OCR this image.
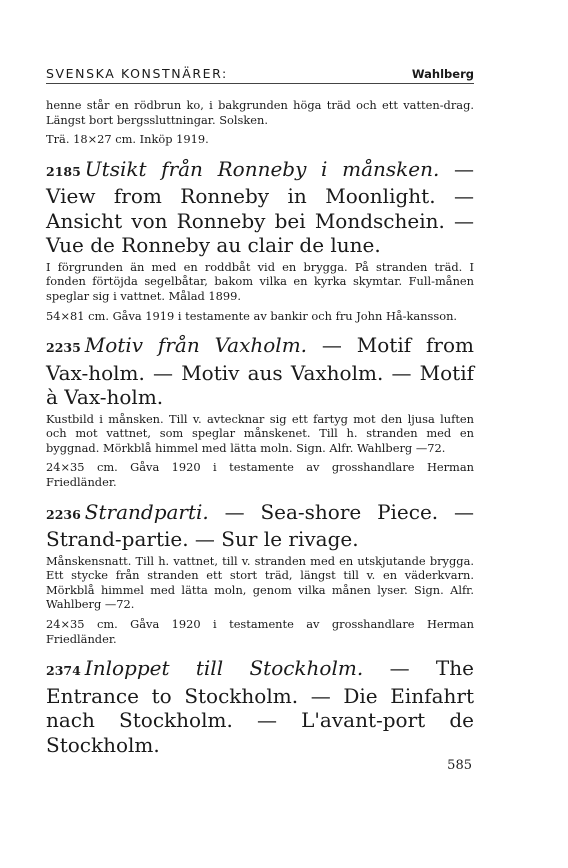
SVENSKA KONSTNÄRER:	Wahlberg

henne står en rödbrun ko, i bakgrunden höga träd och ett vatten-drag. Längst bort bergssluttningar. Solsken.

Trä. 18×27 cm. Inköp 1919.

2185 Utsikt från Ronneby i månsken. — View from Ronneby in Moonlight. — Ansicht von Ronneby bei Mondschein. — Vue de Ronneby au clair de lune.

I förgrunden än med en roddbåt vid en brygga. På stranden träd. I fonden förtöjda segelbåtar, bakom vilka en kyrka skymtar. Full-månen speglar sig i vattnet. Målad 1899.

54×81 cm. Gåva 1919 i testamente av bankir och fru John Hå-kansson.

2235 Motiv från Vaxholm. — Motif from Vax-holm. — Motiv aus Vaxholm. — Motif à Vax-holm.

Kustbild i månsken. Till v. avtecknar sig ett fartyg mot den ljusa luften och mot vattnet, som speglar månskenet. Till h. stranden med en byggnad. Mörkblå himmel med lätta moln. Sign. Alfr. Wahlberg —72.

24×35 cm. Gåva 1920 i testamente av grosshandlare Herman Friedländer.

2236 Strandparti. — Sea-shore Piece. — Strand-partie. — Sur le rivage.

Månskensnatt. Till h. vattnet, till v. stranden med en utskjutande brygga. Ett stycke från stranden ett stort träd, längst till v. en väderkvarn. Mörkblå himmel med lätta moln, genom vilka månen lyser. Sign. Alfr. Wahlberg —72.

24×35 cm. Gåva 1920 i testamente av grosshandlare Herman Friedländer.

2374 Inloppet till Stockholm. — The Entrance to Stockholm. — Die Einfahrt nach Stockholm. — L'avant-port de Stockholm.

585
